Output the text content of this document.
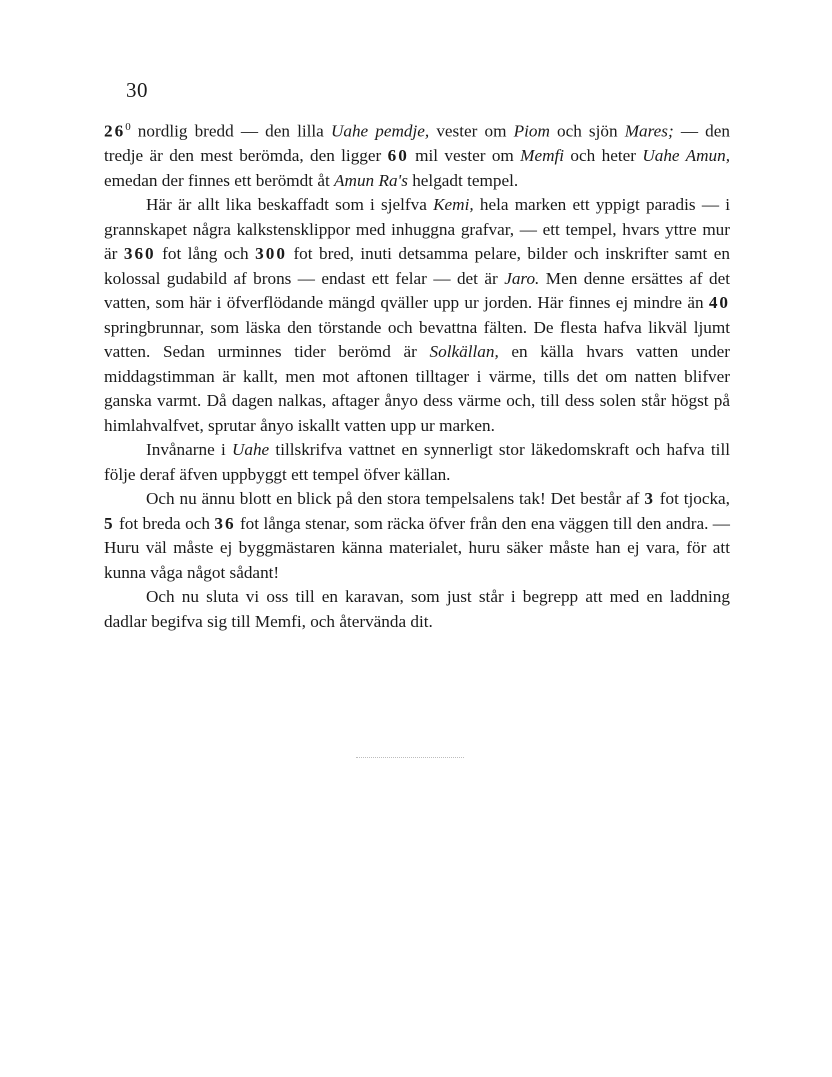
30

$26^0$ nordlig bredd — den lilla Uahe pemdje, vester om Piom och sjön Mares; — den tredje är den mest berömda, den ligger 60 mil vester om Memfi och heter Uahe Amun, emedan der finnes ett berömdt åt Amun Ra's helgadt tempel.

Här är allt lika beskaffadt som i sjelfva Kemi, hela marken ett yppigt paradis — i grannskapet några kalkstensklippor med inhuggna grafvar, — ett tempel, hvars yttre mur är 360 fot lång och 300 fot bred, inuti detsamma pelare, bilder och inskrifter samt en kolossal gudabild af brons — endast ett felar — det är Jaro. Men denne ersättes af det vatten, som här i öfverflödande mängd qväller upp ur jorden. Här finnes ej mindre än 40 springbrunnar, som läska den törstande och bevattna fälten. De flesta hafva likväl ljumt vatten. Sedan urminnes tider berömd är Solkällan, en källa hvars vatten under middagstimman är kallt, men mot aftonen tilltager i värme, tills det om natten blifver ganska varmt. Då dagen nalkas, aftager ånyo dess värme och, till dess solen står högst på himlahvalfvet, sprutar ånyo iskallt vatten upp ur marken.

Invånarne i Uahe tillskrifva vattnet en synnerligt stor läkedomskraft och hafva till följe deraf äfven uppbyggt ett tempel öfver källan.

Och nu ännu blott en blick på den stora tempelsalens tak! Det består af 3 fot tjocka, 5 fot breda och 36 fot långa stenar, som räcka öfver från den ena väggen till den andra. — Huru väl måste ej byggmästaren känna materialet, huru säker måste han ej vara, för att kunna våga något sådant!

Och nu sluta vi oss till en karavan, som just står i begrepp att med en laddning dadlar begifva sig till Memfi, och återvända dit.
